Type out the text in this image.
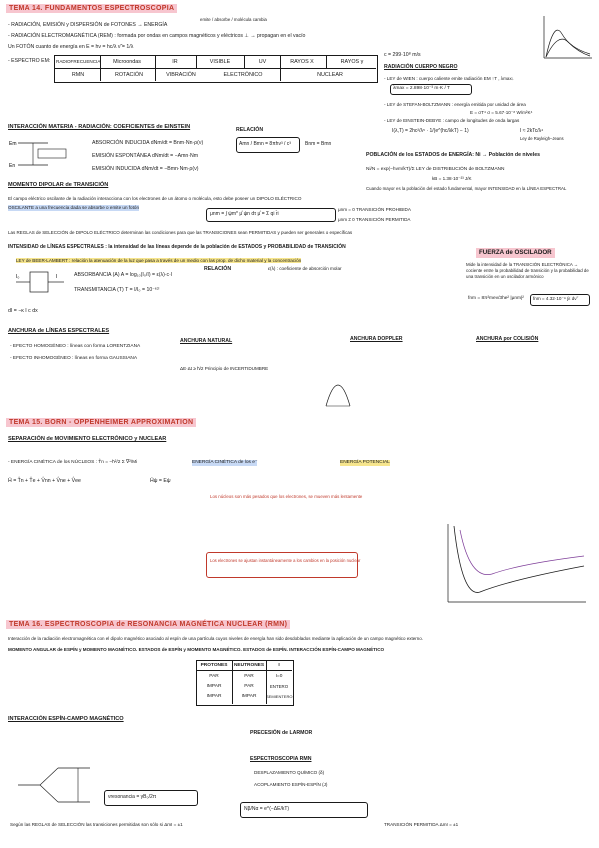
TEMA 14. FUNDAMENTOS ESPECTROSCOPIA
- RADIACIÓN, EMISIÓN y DISPERSIÓN de FOTONES → ENERGÍA
emite / absorbe / molécula cambia
- RADIACIÓN ELECTROMAGNÉTICA (REM) : formada por ondas en campos magnéticos y eléctricos ⊥ → propagan en el vacío
Un FOTÓN cuanto de energía en E = hν = hc/λ ν̃ = 1/λ
- ESPECTRO EM: RADIOFRECUENCIA	Microondas	IR	VISIBLE	UV	RAYOS X	RAYOS γ
RMN	ROTACIÓN	VIBRACIÓN	ELECTRÓNICO	NUCLEAR
c = 299·10⁸ m/s
RADIACIÓN CUERPO NEGRO
- LEY de WIEN : cuerpo caliente emite radiación EM ↑T , λmax↓
λmax = 2.898·10⁻³ m·K / T
- LEY de STEFAN-BOLTZMANN : energía emitida por unidad de área
E = σT⁴ σ = 5.67·10⁻⁸ W/m²K⁴
- LEY de EINSTEIN-DEBYE : campo de longitudes de onda largas
I(λ,T) = 2hc²/λ⁵ · 1/(e^(hc/λkT) − 1)	I ≈ 2kTc/λ⁴
Ley de Rayleigh–Jeans
INTERACCIÓN MATERIA - RADIACIÓN: COEFICIENTES de EINSTEIN
Em
En
ABSORCIÓN INDUCIDA dNm/dt = Bnm·Nn·ρ(ν)
EMISIÓN ESPONTÁNEA dNm/dt = −Amn·Nm
EMISIÓN INDUCIDA dNm/dt = −Bmn·Nm·ρ(ν)
RELACIÓN
Amn / Bmn = 8πhν³ / c³	Bnm = Bmn
POBLACIÓN de los ESTADOS de ENERGÍA: Ni → Población de niveles
Ni/N = exp(−hνm/kT)/Σ LEY de DISTRIBUCIÓN de BOLTZMANN
kB = 1.38·10⁻²³ J/K
Cuando mayor es la población del estado fundamental, mayor INTENSIDAD en la LÍNEA ESPECTRAL
MOMENTO DIPOLAR de TRANSICIÓN
El campo eléctrico oscilante de la radiación interacciona con los electrones de un átomo o molécula, esto debe poseer un DIPOLO ELÉCTRICO
OSCILANTE a una frecuencia dada se absorbe o emite un fotón
μnm = ∫ ψm* μ̂ ψn dτ μ̂ = Σ qi r̄i
μnm = 0 TRANSICIÓN PROHIBIDA
μnm ≠ 0 TRANSICIÓN PERMITIDA
Las REGLAS de SELECCIÓN de DIPOLO ELÉCTRICO determinan las condiciones para que las TRANSICIONES sean PERMITIDAS y pueden ser generales o específicas
INTENSIDAD de LÍNEAS ESPECTRALES : la intensidad de las líneas depende de la población de ESTADOS y PROBABILIDAD de TRANSICIÓN
LEY de BEER-LAMBERT : relación la atenuación de la luz que pasa a través de un medio con las prop. de dicho material y la concentración
I₀	I	ABSORBANCIA (A) A = log₁₀(I₀/I) = ε(λ)·c·l
TRANSMITANCIA (T) T = I/I₀ = 10⁻ᵋᶜˡ
RELACIÓN	ε(λ) : coeficiente de absorción molar
FUERZA de OSCILADOR
Mide la intensidad de la TRANSICIÓN ELECTRÓNICA → cociente entre la probabilidad de transición y la probabilidad de una transición en un oscilador armónico
fnm = 8π²meν/3he² |μnm|² fnm = 4.32·10⁻⁹ ∫ε dν̃
dI = −κ I c dx
ANCHURA de LÍNEAS ESPECTRALES
- EFECTO HOMOGÉNEO : líneas con forma LORENTZIANA
- EFECTO INHOMOGÉNEO : líneas en forma GAUSSIANA
ANCHURA NATURAL
ΔE·Δt ≥ ħ/2 Principio de INCERTIDUMBRE
ANCHURA DOPPLER	ANCHURA por COLISIÓN
TEMA 15. BORN - OPPENHEIMER APPROXIMATION
SEPARACIÓN de MOVIMIENTO ELECTRÓNICO y NUCLEAR
- ENERGÍA CINÉTICA de los NÚCLEOS : T̂n = −ħ²/2 Σ ∇²/Mi	ENERGÍA CINÉTICA de los e⁻	ENERGÍA POTENCIAL
Ĥ = T̂n + T̂e + V̂nn + V̂ne + V̂ee	Ĥψ = Eψ
Los núcleos son más pesados que los electrones, se mueven más lentamente
Los electrones se ajustan instantáneamente a los cambios en la posición nuclear
TEMA 16. ESPECTROSCOPIA de RESONANCIA MAGNÉTICA NUCLEAR (RMN)
Interacción de la radiación electromagnética con el dipolo magnético asociado al espín de una partícula cuyos niveles de energía han sido desdoblados mediante la aplicación de un campo magnético externo.
MOMENTO ANGULAR de ESPÍN y MOMENTO MAGNÉTICO. ESTADOS de ESPÍN y MOMENTO MAGNÉTICO. ESTADOS de ESPÍN. INTERACCIÓN ESPÍN-CAMPO MAGNÉTICO
PROTONES	NEUTRONES	I
PAR	PAR	I=0
IMPAR	PAR	ENTERO
IMPAR	IMPAR	SEMIENTERO
INTERACCIÓN ESPÍN-CAMPO MAGNÉTICO
νresonancia = γB₀/2π
PRECESIÓN de LARMOR
ESPECTROSCOPIA RMN
DESPLAZAMIENTO QUÍMICO (δ)
ACOPLAMIENTO ESPÍN-ESPÍN (J)
Nβ/Nα = e^(−ΔE/kT)
TRANSICIÓN PERMITIDA ΔmI = ±1
Según las REGLAS de SELECCIÓN las transiciones permitidas son sólo si ΔmI = ±1
